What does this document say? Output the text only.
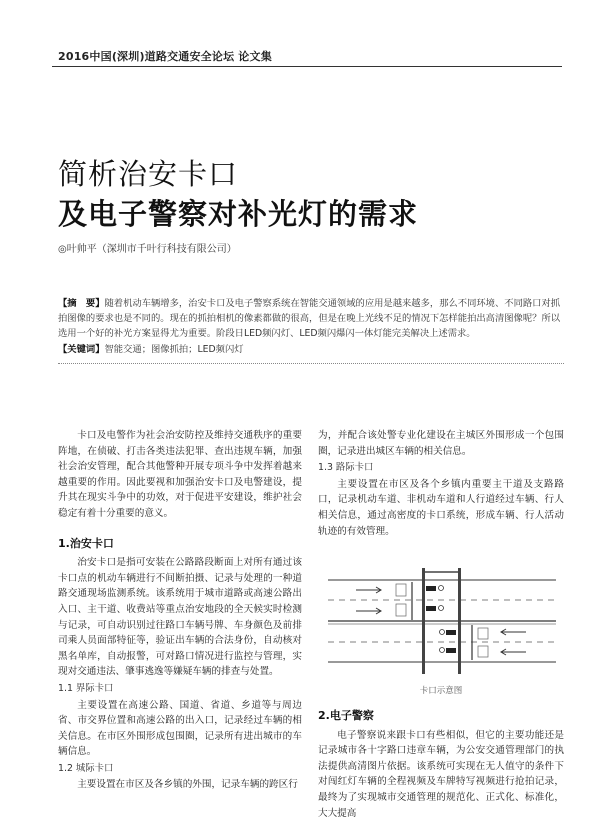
2016中国(深圳)道路交通安全论坛 论文集
简析治安卡口
及电子警察对补光灯的需求
◎叶帅平（深圳市千叶行科技有限公司）
【摘　要】随着机动车辆增多，治安卡口及电子警察系统在智能交通领域的应用是越来越多，那么不同环境、不同路口对抓拍图像的要求也是不同的。现在的抓拍相机的像素都做的很高，但是在晚上光线不足的情况下怎样能拍出高清图像呢？所以选用一个好的补光方案显得尤为重要。阶段日LED频闪灯、LED频闪爆闪一体灯能完美解决上述需求。
【关键词】智能交通；图像抓拍；LED频闪灯

卡口及电警作为社会治安防控及维持交通秩序的重要阵地，在侦破、打击各类违法犯罪、查出违规车辆，加强社会治安管理，配合其他警种开展专项斗争中发挥着越来越重要的作用。因此要视和加强治安卡口及电警建设，提升其在现实斗争中的功效，对于促进平安建设，维护社会稳定有着十分重要的意义。

1.治安卡口

治安卡口是指可安装在公路路段断面上对所有通过该卡口点的机动车辆进行不间断拍摄、记录与处理的一种道路交通现场监测系统。该系统用于城市道路或高速公路出入口、主干道、收费站等重点治安地段的全天候实时检测与记录，可自动识别过往路口车辆号牌、车身颜色及前排司乘人员面部特征等，验证出车辆的合法身份，自动核对黑名单库，自动报警，可对路口情况进行监控与管理，实现对交通违法、肇事逃逸等嫌疑车辆的排查与处置。

1.1 界际卡口

主要设置在高速公路、国道、省道、乡道等与周边省、市交界位置和高速公路的出入口，记录经过车辆的相关信息。在市区外围形成包围圈，记录所有进出城市的车辆信息。

1.2 城际卡口

主要设置在市区及各乡镇的外围，记录车辆的跨区行

为，并配合该处警专业化建设在主城区外围形成一个包围圈，记录进出城区车辆的相关信息。

1.3 路际卡口

主要设置在市区及各个乡镇内重要主干道及支路路口，记录机动车道、非机动车道和人行道经过车辆、行人相关信息，通过高密度的卡口系统，形成车辆、行人活动轨迹的有效管理。

卡口示意图
2.电子警察

电子警察说来跟卡口有些相似，但它的主要功能还是记录城市各十字路口违章车辆，为公安交通管理部门的执法提供高清图片依据。该系统可实现在无人值守的条件下对闯红灯车辆的全程视频及车牌特写视频进行抢拍记录，最终为了实现城市交通管理的规范化、正式化、标准化，大大提高
